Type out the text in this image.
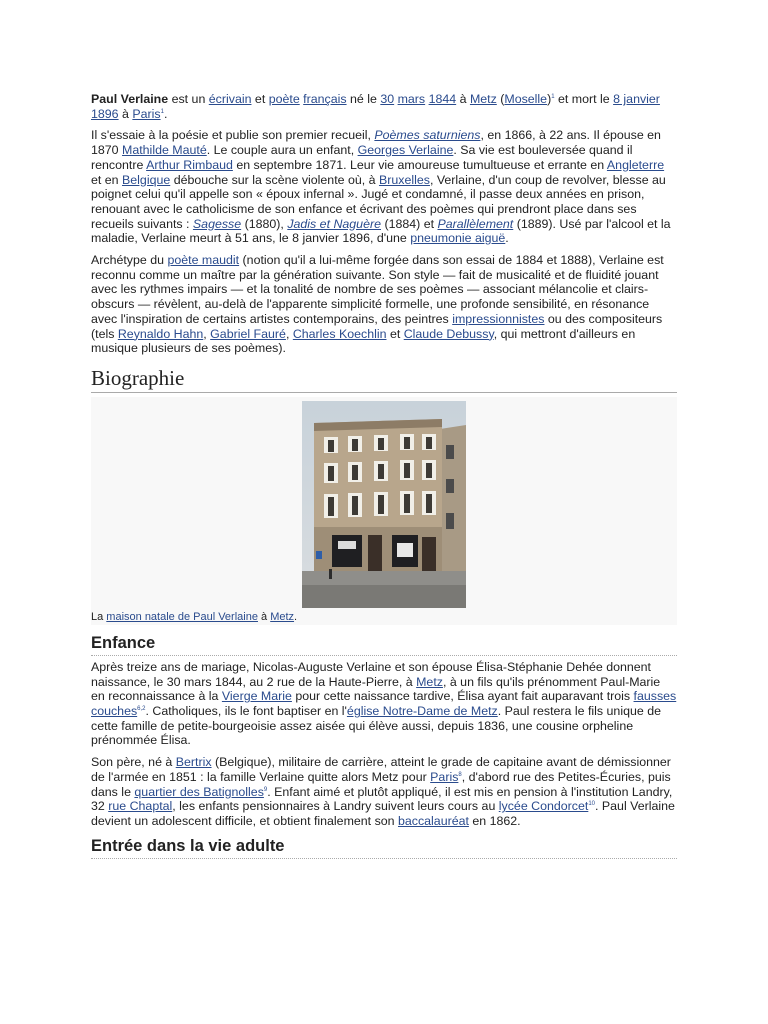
Paul Verlaine est un écrivain et poète français né le 30 mars 1844 à Metz (Moselle)$^1$ et mort le 8 janvier 1896 à Paris$^1$.

Il s'essaie à la poésie et publie son premier recueil, Poèmes saturniens, en 1866, à 22 ans. Il épouse en 1870 Mathilde Mauté. Le couple aura un enfant, Georges Verlaine. Sa vie est bouleversée quand il rencontre Arthur Rimbaud en septembre 1871. Leur vie amoureuse tumultueuse et errante en Angleterre et en Belgique débouche sur la scène violente où, à Bruxelles, Verlaine, d'un coup de revolver, blesse au poignet celui qu'il appelle son « époux infernal ». Jugé et condamné, il passe deux années en prison, renouant avec le catholicisme de son enfance et écrivant des poèmes qui prendront place dans ses recueils suivants : Sagesse (1880), Jadis et Naguère (1884) et Parallèlement (1889). Usé par l'alcool et la maladie, Verlaine meurt à 51 ans, le 8 janvier 1896, d'une pneumonie aiguë.

Archétype du poète maudit (notion qu'il a lui-même forgée dans son essai de 1884 et 1888), Verlaine est reconnu comme un maître par la génération suivante. Son style — fait de musicalité et de fluidité jouant avec les rythmes impairs — et la tonalité de nombre de ses poèmes — associant mélancolie et clairs-obscurs — révèlent, au-delà de l'apparente simplicité formelle, une profonde sensibilité, en résonance avec l'inspiration de certains artistes contemporains, des peintres impressionnistes ou des compositeurs (tels Reynaldo Hahn, Gabriel Fauré, Charles Koechlin et Claude Debussy, qui mettront d'ailleurs en musique plusieurs de ses poèmes).

Biographie
La maison natale de Paul Verlaine à Metz.
Enfance

Après treize ans de mariage, Nicolas-Auguste Verlaine et son épouse Élisa-Stéphanie Dehée donnent naissance, le 30 mars 1844, au 2 rue de la Haute-Pierre, à Metz, à un fils qu'ils prénomment Paul-Marie en reconnaissance à la Vierge Marie pour cette naissance tardive, Élisa ayant fait auparavant trois fausses couches$^{6,2}$. Catholiques, ils le font baptiser en l'église Notre-Dame de Metz. Paul restera le fils unique de cette famille de petite-bourgeoisie assez aisée qui élève aussi, depuis 1836, une cousine orpheline prénommée Élisa.

Son père, né à Bertrix (Belgique), militaire de carrière, atteint le grade de capitaine avant de démissionner de l'armée en 1851 : la famille Verlaine quitte alors Metz pour Paris$^8$, d'abord rue des Petites-Écuries, puis dans le quartier des Batignolles$^9$. Enfant aimé et plutôt appliqué, il est mis en pension à l'institution Landry, 32 rue Chaptal, les enfants pensionnaires à Landry suivent leurs cours au lycée Condorcet$^{10}$. Paul Verlaine devient un adolescent difficile, et obtient finalement son baccalauréat en 1862.

Entrée dans la vie adulte
